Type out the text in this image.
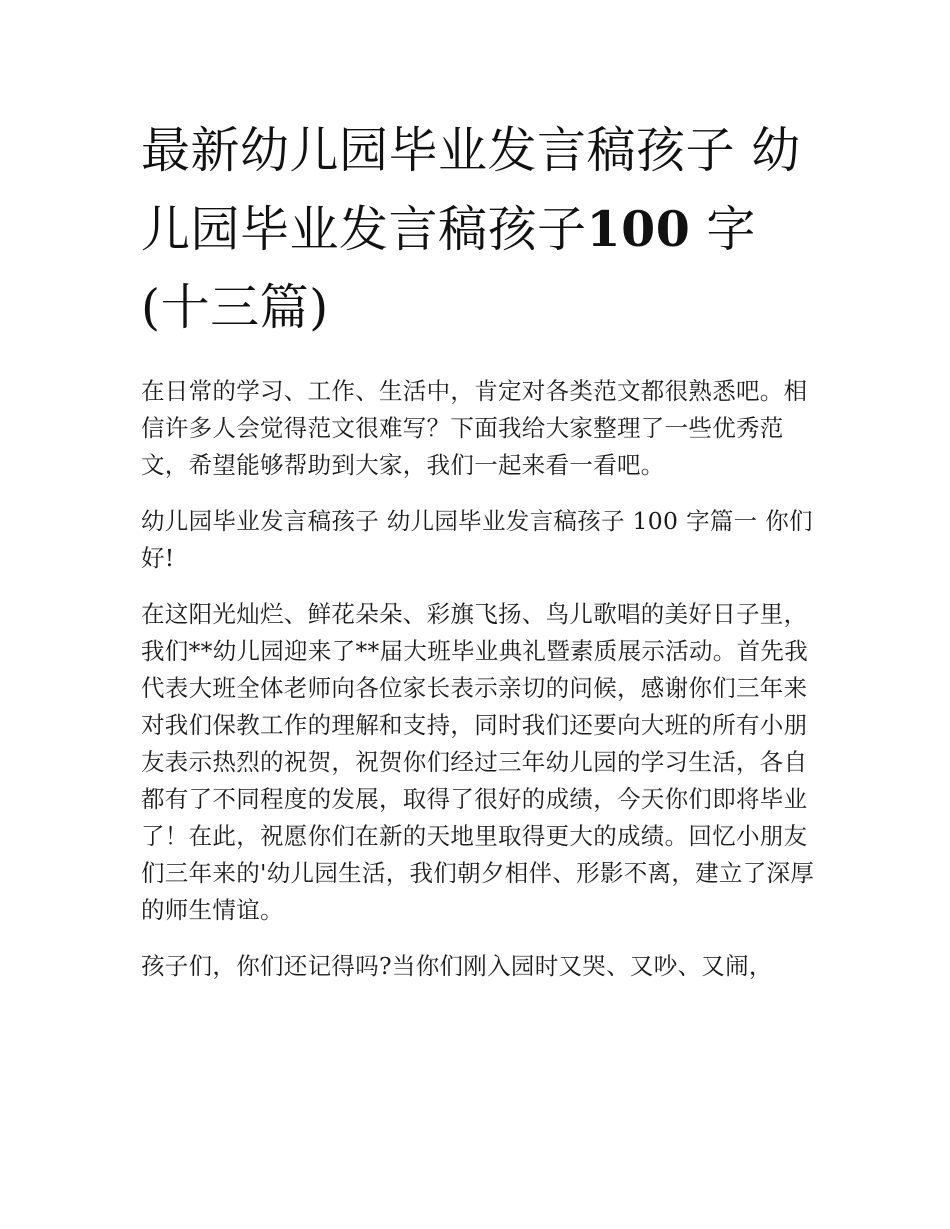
最新幼儿园毕业发言稿孩子 幼儿园毕业发言稿孩子100 字(十三篇)

在日常的学习、工作、生活中，肯定对各类范文都很熟悉吧。相信许多人会觉得范文很难写？下面我给大家整理了一些优秀范文，希望能够帮助到大家，我们一起来看一看吧。

幼儿园毕业发言稿孩子 幼儿园毕业发言稿孩子 100 字篇一 你们好!

在这阳光灿烂、鲜花朵朵、彩旗飞扬、鸟儿歌唱的美好日子里，我们**幼儿园迎来了**届大班毕业典礼暨素质展示活动。首先我代表大班全体老师向各位家长表示亲切的问候，感谢你们三年来对我们保教工作的理解和支持，同时我们还要向大班的所有小朋友表示热烈的祝贺，祝贺你们经过三年幼儿园的学习生活，各自都有了不同程度的发展，取得了很好的成绩，今天你们即将毕业了！在此，祝愿你们在新的天地里取得更大的成绩。回忆小朋友们三年来的'幼儿园生活，我们朝夕相伴、形影不离，建立了深厚的师生情谊。

孩子们，你们还记得吗?当你们刚入园时又哭、又吵、又闹，
